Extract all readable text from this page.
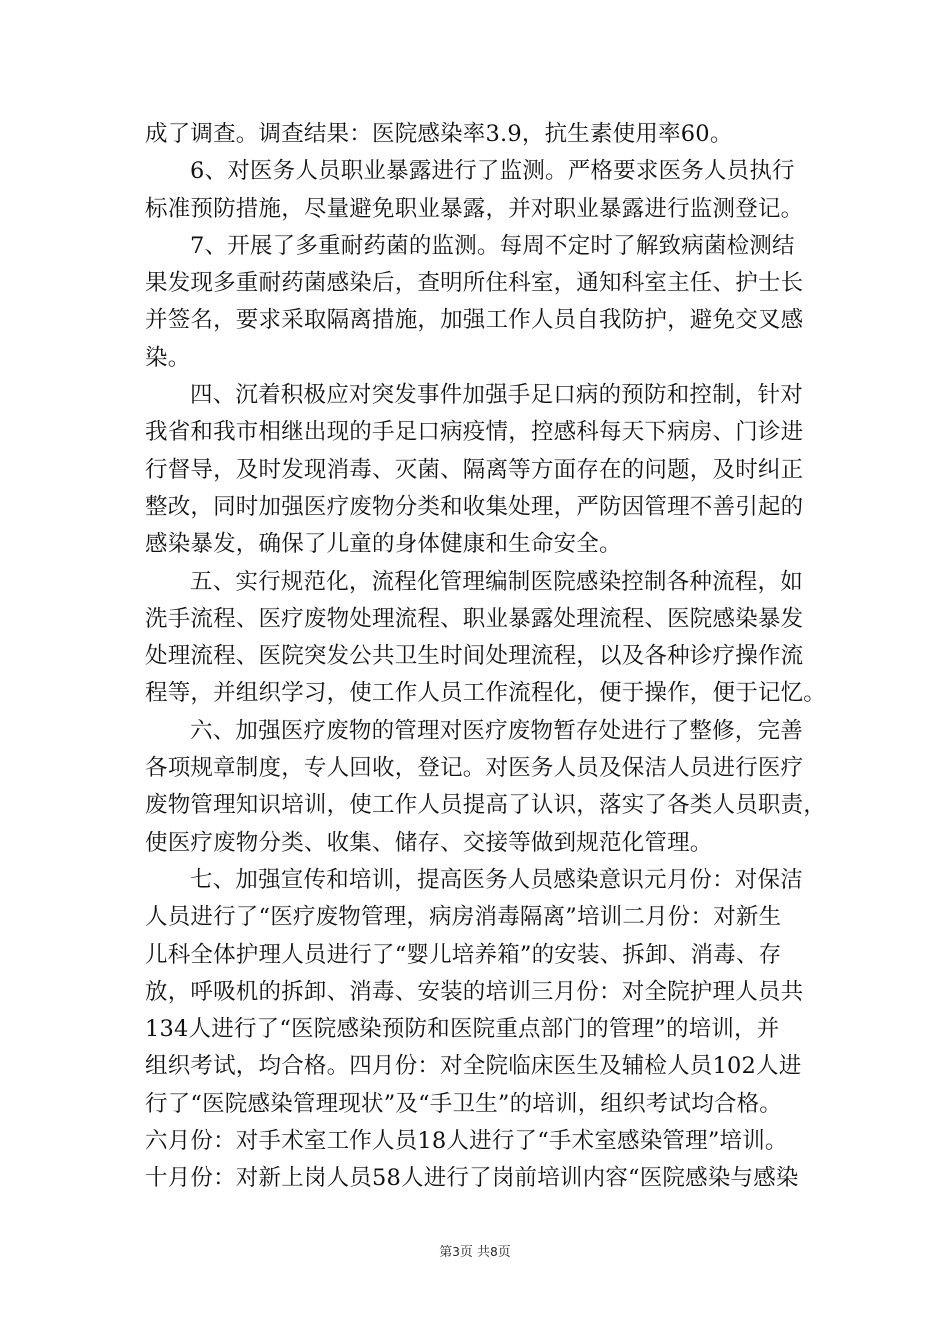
成了调查。调查结果：医院感染率3.9，抗生素使用率60。
6、对医务人员职业暴露进行了监测。严格要求医务人员执行
标准预防措施，尽量避免职业暴露，并对职业暴露进行监测登记。
7、开展了多重耐药菌的监测。每周不定时了解致病菌检测结
果发现多重耐药菌感染后，查明所住科室，通知科室主任、护士长
并签名，要求采取隔离措施，加强工作人员自我防护，避免交叉感
染。
四、沉着积极应对突发事件加强手足口病的预防和控制，针对
我省和我市相继出现的手足口病疫情，控感科每天下病房、门诊进
行督导，及时发现消毒、灭菌、隔离等方面存在的问题，及时纠正
整改，同时加强医疗废物分类和收集处理，严防因管理不善引起的
感染暴发，确保了儿童的身体健康和生命安全。
五、实行规范化，流程化管理编制医院感染控制各种流程，如
洗手流程、医疗废物处理流程、职业暴露处理流程、医院感染暴发
处理流程、医院突发公共卫生时间处理流程，以及各种诊疗操作流
程等，并组织学习，使工作人员工作流程化，便于操作，便于记忆。
六、加强医疗废物的管理对医疗废物暂存处进行了整修，完善
各项规章制度，专人回收，登记。对医务人员及保洁人员进行医疗
废物管理知识培训，使工作人员提高了认识，落实了各类人员职责，
使医疗废物分类、收集、储存、交接等做到规范化管理。
七、加强宣传和培训，提高医务人员感染意识元月份：对保洁
人员进行了“医疗废物管理，病房消毒隔离”培训二月份：对新生
儿科全体护理人员进行了“婴儿培养箱”的安装、拆卸、消毒、存
放，呼吸机的拆卸、消毒、安装的培训三月份：对全院护理人员共
134人进行了“医院感染预防和医院重点部门的管理”的培训，并
组织考试，均合格。四月份：对全院临床医生及辅检人员102人进
行了“医院感染管理现状”及“手卫生”的培训，组织考试均合格。
六月份：对手术室工作人员18人进行了“手术室感染管理”培训。
十月份：对新上岗人员58人进行了岗前培训内容“医院感染与感染
第3页 共8页
